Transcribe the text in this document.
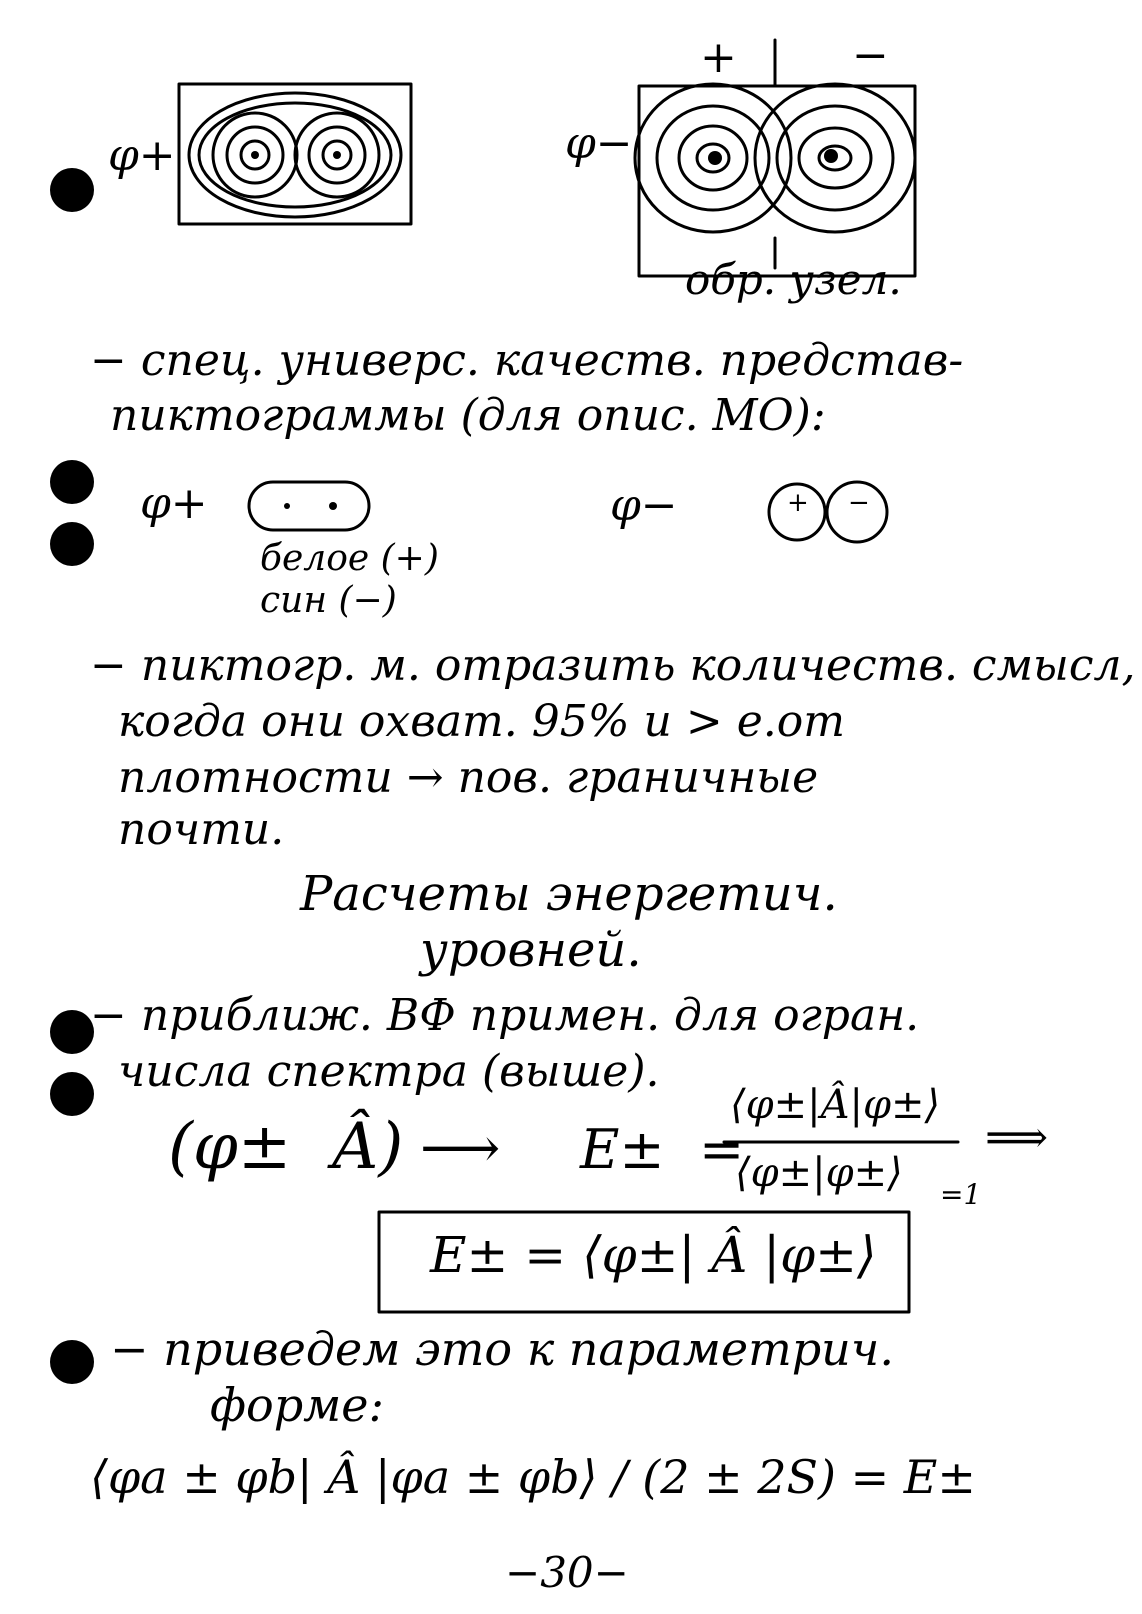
φ+
+	−
φ−
обр. узел.
− спец. универс. качеств. представ-
пиктограммы (для опис. МО):
φ+
белое (+)
син (−)
φ−	+ −
− пиктогр. м. отразить количеств. смысл,
когда они охват. 95% и > е.от
плотности → пов. граничные
почти.
Расчеты энергетич.
уровней.
− приближ. ВФ примен. для огран.
числа спектра (выше).
(φ±  Â) ⟶ E±  =
⟨φ±|Â|φ±⟩
⟨φ±|φ±⟩ =1
⟹
E± = ⟨φ±| Â |φ±⟩
− приведем это к параметрич.
форме:
⟨φa ± φb| Â |φa ± φb⟩ / (2 ± 2S) = E±
−30−
